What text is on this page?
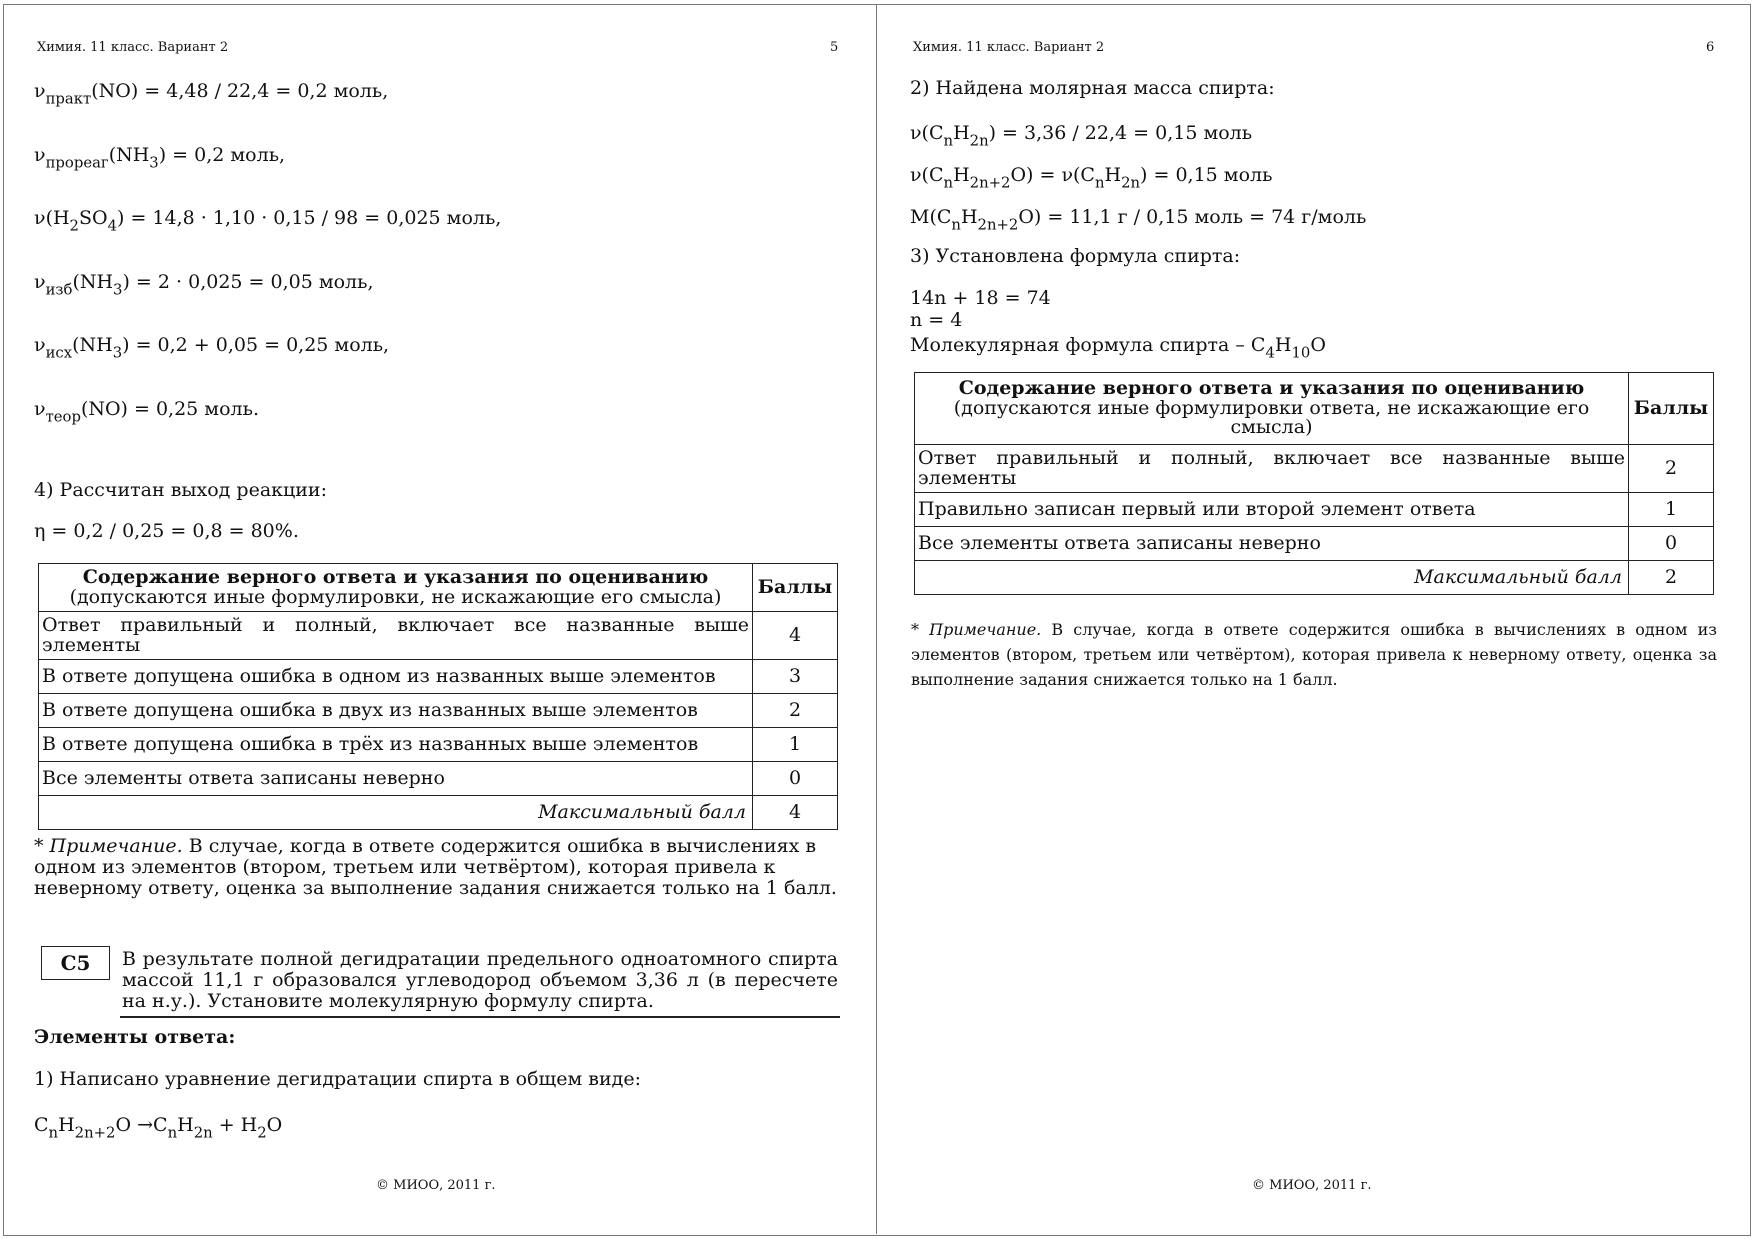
Химия. 11 класс. Вариант 2	5
$\nu_{практ}(NO) = 4,48 / 22,4 = 0,2$ моль,
$\nu_{прореаг}(NH_3) = 0,2$ моль,
$\nu(H_2SO_4) = 14,8 \cdot 1,10 \cdot 0,15 / 98 = 0,025$ моль,
$\nu_{изб}(NH_3) = 2 \cdot 0,025 = 0,05$ моль,
$\nu_{исх}(NH_3) = 0,2 + 0,05 = 0,25$ моль,
$\nu_{теор}(NO) = 0,25$ моль.
4) Рассчитан выход реакции:
η = 0,2 / 0,25 = 0,8 = 80%.
Содержание верного ответа и указания по оцениванию
(допускаются иные формулировки, не искажающие его смысла)	Баллы
Ответ правильный и полный, включает все названные выше элементы	4
В ответе допущена ошибка в одном из названных выше элементов	3
В ответе допущена ошибка в двух из названных выше элементов	2
В ответе допущена ошибка в трёх из названных выше элементов	1
Все элементы ответа записаны неверно	0
Максимальный балл	4
* Примечание. В случае, когда в ответе содержится ошибка в вычислениях в одном из элементов (втором, третьем или четвёртом), которая привела к неверному ответу, оценка за выполнение задания снижается только на 1 балл.
C5	В результате полной дегидратации предельного одноатомного спирта массой 11,1 г образовался углеводород объемом 3,36 л (в пересчете на н.у.). Установите молекулярную формулу спирта.
Элементы ответа:
1) Написано уравнение дегидратации спирта в общем виде:
$C_nH_{2n+2}O \to C_nH_{2n} + H_2O$
© МИОО, 2011 г.
Химия. 11 класс. Вариант 2	6
2) Найдена молярная масса спирта:
$\nu(C_nH_{2n}) = 3,36 / 22,4 = 0,15$ моль
$\nu(C_nH_{2n+2}O) = \nu(C_nH_{2n}) = 0,15$ моль
$M(C_nH_{2n+2}O) = 11,1$ г / 0,15 моль = 74 г/моль
3) Установлена формула спирта:
14n + 18 = 74
n = 4
Молекулярная формула спирта – $C_4H_{10}O$
Содержание верного ответа и указания по оцениванию
(допускаются иные формулировки ответа, не искажающие его смысла)	Баллы
Ответ правильный и полный, включает все названные выше элементы	2
Правильно записан первый или второй элемент ответа	1
Все элементы ответа записаны неверно	0
Максимальный балл	2
* Примечание. В случае, когда в ответе содержится ошибка в вычислениях в одном из элементов (втором, третьем или четвёртом), которая привела к неверному ответу, оценка за выполнение задания снижается только на 1 балл.
© МИОО, 2011 г.
